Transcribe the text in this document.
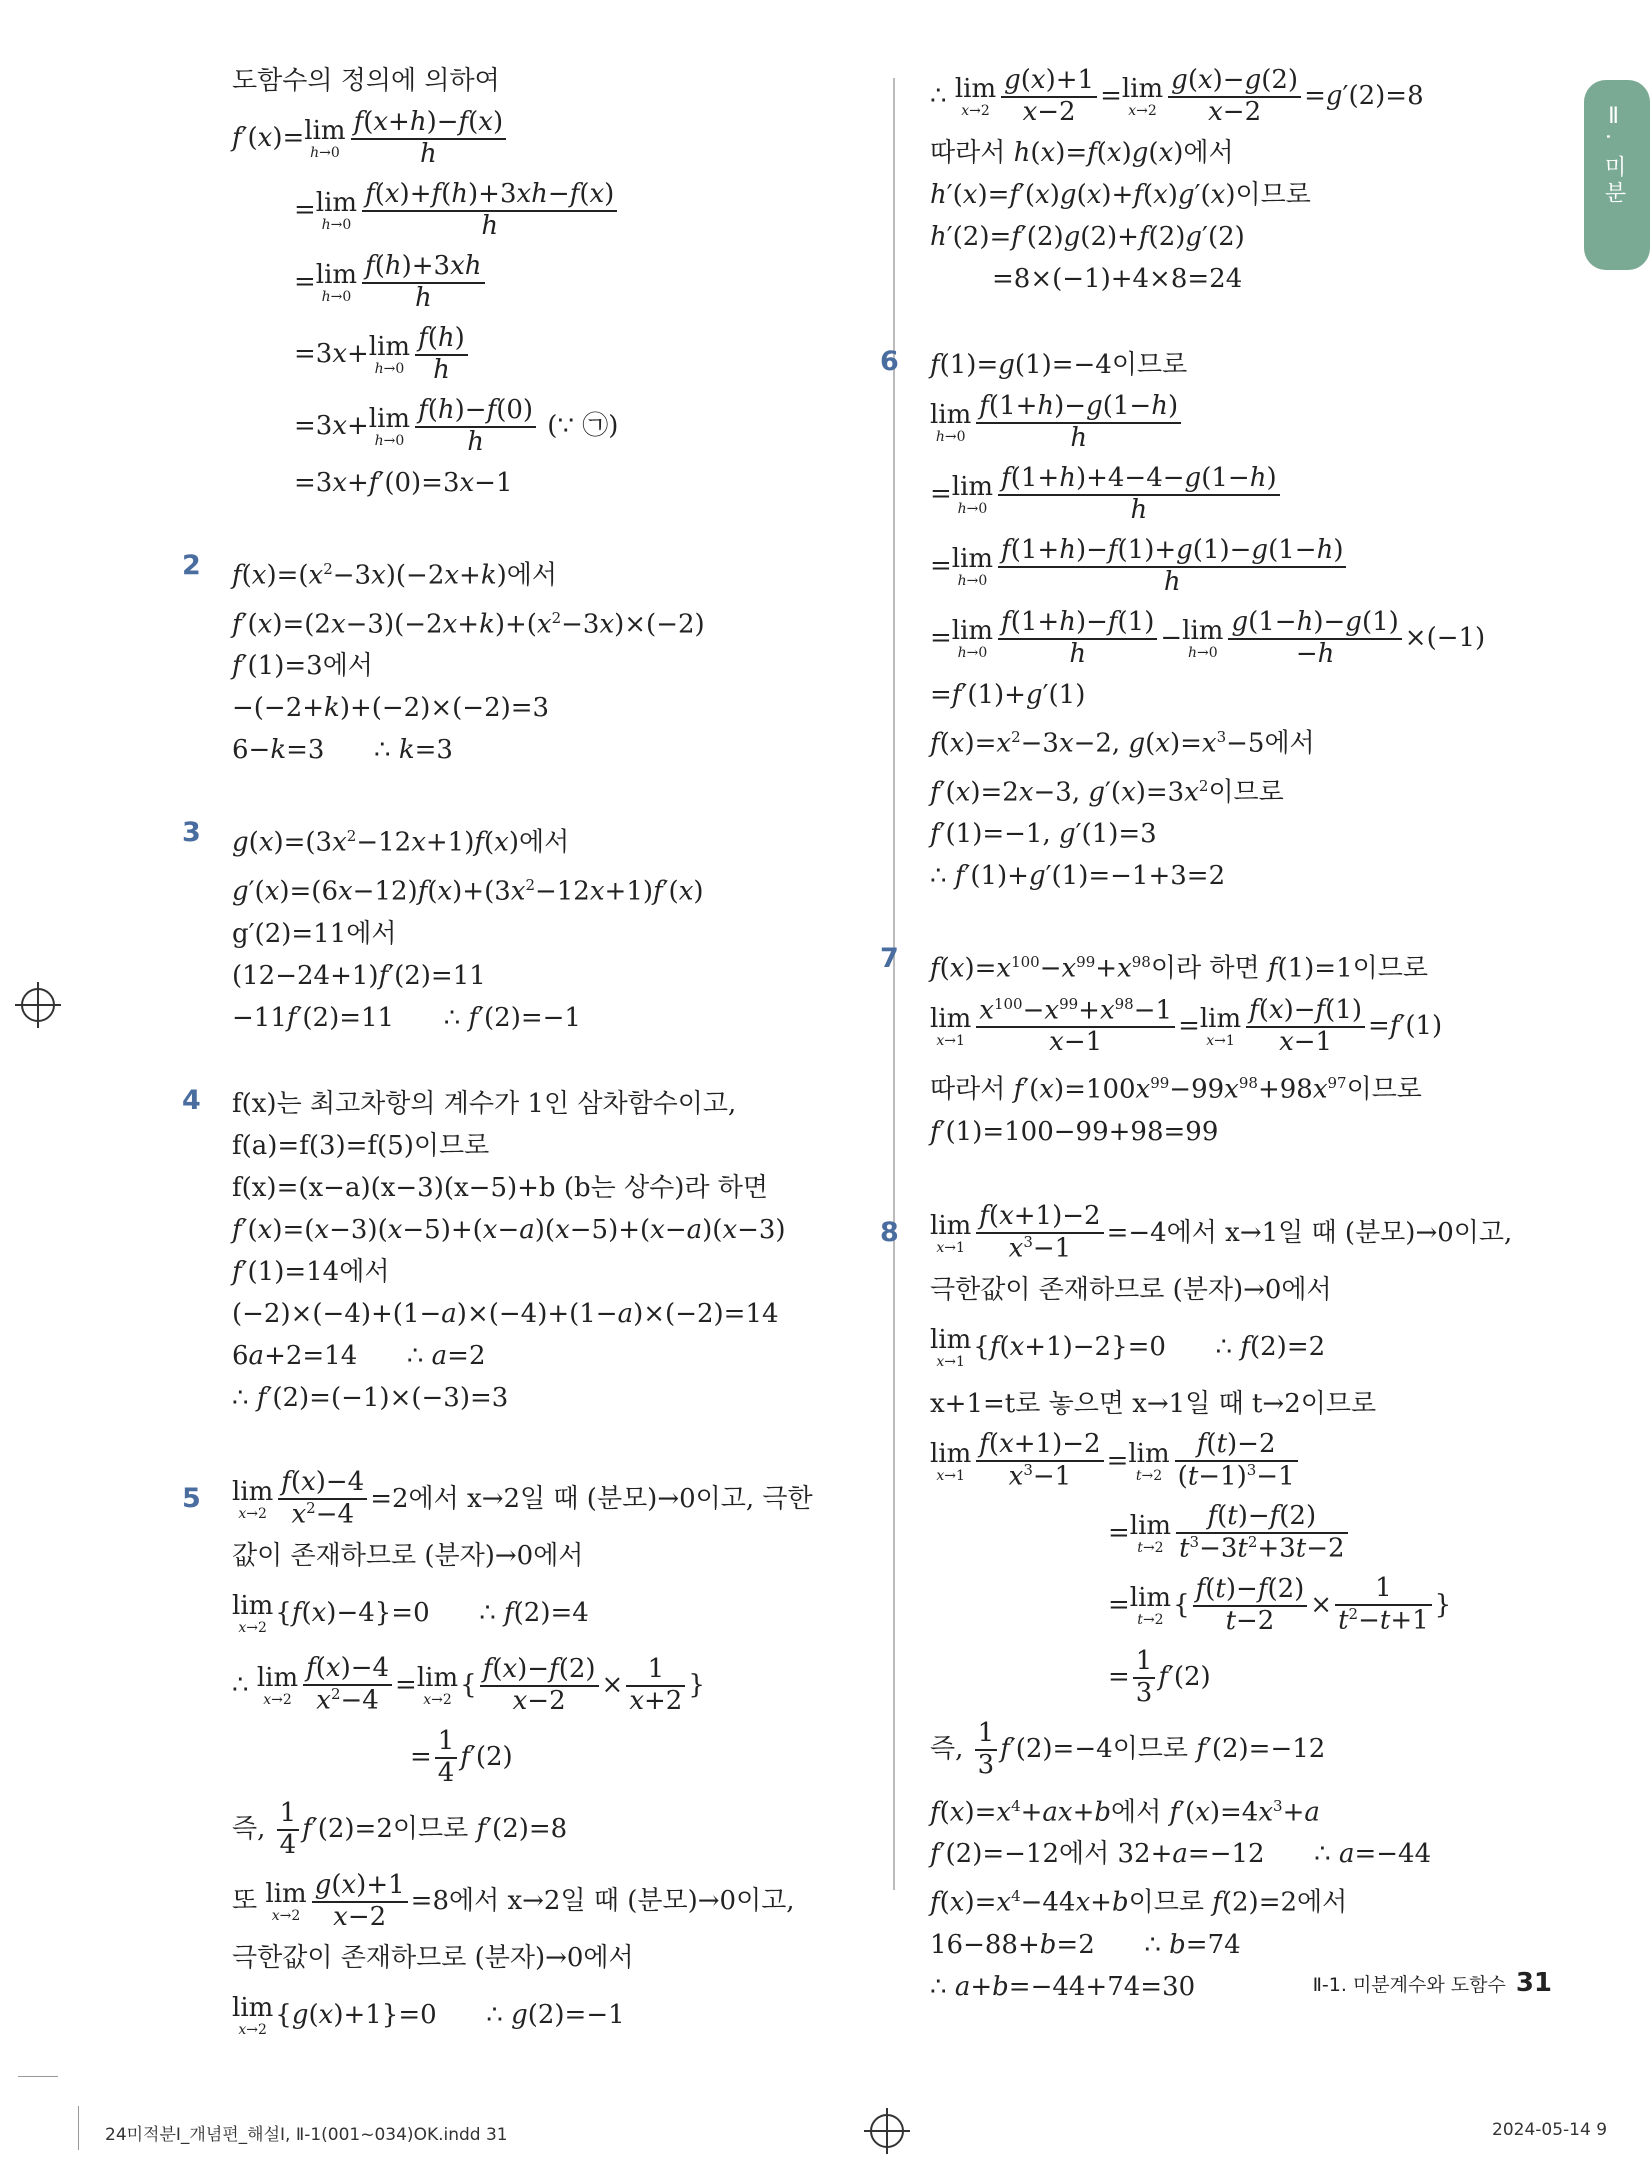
Ⅱ. 미분
도함수의 정의에 의하여
f′(x)=lim
$h\to 0 \frac{f(x+h)-f(x)}{h}$
=lim
$h\to 0 \frac{f(x)+f(h)+3xh-f(x)}{h}$
=lim
$h\to 0 \frac{f(h)+3xh}{h}$
=3x+lim
$h\to 0 \frac{f(h)}{h}$
=3x+lim
$h\to 0 \frac{f(h)-f(0)}{h}$ (∵ ㉠)
=3x+f′(0)=3x−1
2 $f(x)=(x^2-3x)(-2x+k)$에서
$f'(x)=(2x-3)(-2x+k)+(x^2-3x)\times(-2)$
f′(1)=3에서
−(−2+k)+(−2)×(−2)=3
6−k=3      ∴ k=3
3 $g(x)=(3x^2-12x+1)f(x)$에서
$g'(x)=(6x-12)f(x)+(3x^2-12x+1)f'(x)$
g′(2)=11에서
(12−24+1)f′(2)=11
−11f′(2)=11      ∴ f′(2)=−1
4 f(x)는 최고차항의 계수가 1인 삼차함수이고,
f(a)=f(3)=f(5)이므로
f(x)=(x−a)(x−3)(x−5)+b (b는 상수)라 하면
f′(x)=(x−3)(x−5)+(x−a)(x−5)+(x−a)(x−3)
f′(1)=14에서
(−2)×(−4)+(1−a)×(−4)+(1−a)×(−2)=14
6a+2=14      ∴ a=2
∴ f′(2)=(−1)×(−3)=3
5 lim
$x\to 2 \frac{f(x)-4}{x^2-4} =2$에서 x→2일 때 (분모)→0이고, 극한
값이 존재하므로 (분자)→0에서
lim
x→2 {f(x)−4}=0      ∴ f(2)=4
∴ lim
$x\to 2 \frac{f(x)-4}{x^2-4} =\lim$
x→2 { $\frac{f(x)-f(2)}{x-2} \times \frac{1}{x+2}$ }
= $\frac{1}{4} f'(2)$
즉, $\frac{1}{4} f'(2)=2$이므로 f′(2)=8
또 lim
$x\to 2 \frac{g(x)+1}{x-2} =8$에서 x→2일 때 (분모)→0이고,
극한값이 존재하므로 (분자)→0에서
lim
x→2 {g(x)+1}=0      ∴ g(2)=−1
∴ lim
$x\to 2 \frac{g(x)+1}{x-2} =\lim$
$x\to 2 \frac{g(x)-g(2)}{x-2} =g'(2)=8$
따라서 h(x)=f(x)g(x)에서
h′(x)=f′(x)g(x)+f(x)g′(x)이므로
h′(2)=f′(2)g(2)+f(2)g′(2)
=8×(−1)+4×8=24
6 f(1)=g(1)=−4이므로
lim
$h\to 0 \frac{f(1+h)-g(1-h)}{h}$
=lim
$h\to 0 \frac{f(1+h)+4-4-g(1-h)}{h}$
=lim
$h\to 0 \frac{f(1+h)-f(1)+g(1)-g(1-h)}{h}$
=lim
$h\to 0 \frac{f(1+h)-f(1)}{h} -\lim$
$h\to 0 \frac{g(1-h)-g(1)}{-h} \times(-1)$
=f′(1)+g′(1)
$f(x)=x^2-3x-2$, $g(x)=x^3-5$에서
f′(x)=2x−3, $g'(x)=3x^2$이므로
f′(1)=−1, g′(1)=3
∴ f′(1)+g′(1)=−1+3=2
7 $f(x)=x^{100}-x^{99}+x^{98}$이라 하면 f(1)=1이므로
lim
$x\to 1 \frac{x^{100}-x^{99}+x^{98}-1}{x-1} =\lim$
$x\to 1 \frac{f(x)-f(1)}{x-1} =f'(1)$
따라서 $f'(x)=100x^{99}-99x^{98}+98x^{97}$이므로
f′(1)=100−99+98=99
8 lim
$x\to 1 \frac{f(x+1)-2}{x^3-1} =-4$에서 x→1일 때 (분모)→0이고,
극한값이 존재하므로 (분자)→0에서
lim
x→1 {f(x+1)−2}=0      ∴ f(2)=2
x+1=t로 놓으면 x→1일 때 t→2이므로
lim
$x\to 1 \frac{f(x+1)-2}{x^3-1} =\lim$
$t\to 2 \frac{f(t)-2}{(t-1)^3-1}$
=lim
$t\to 2 \frac{f(t)-f(2)}{t^3-3t^2+3t-2}$
=lim
t→2 { $\frac{f(t)-f(2)}{t-2} \times \frac{1}{t^2-t+1}$ }
= $\frac{1}{3} f'(2)$
즉, $\frac{1}{3} f'(2)=-4$이므로 f′(2)=−12
$f(x)=x^4+ax+b$에서 $f'(x)=4x^3+a$
f′(2)=−12에서 32+a=−12      ∴ a=−44
$f(x)=x^4-44x+b$이므로 f(2)=2에서
16−88+b=2      ∴ b=74
∴ a+b=−44+74=30	Ⅱ-1. 미분계수와 도함수 31
24미적분Ⅰ_개념편_해설Ⅰ, Ⅱ-1(001~034)OK.indd 31	2024-05-14 9
